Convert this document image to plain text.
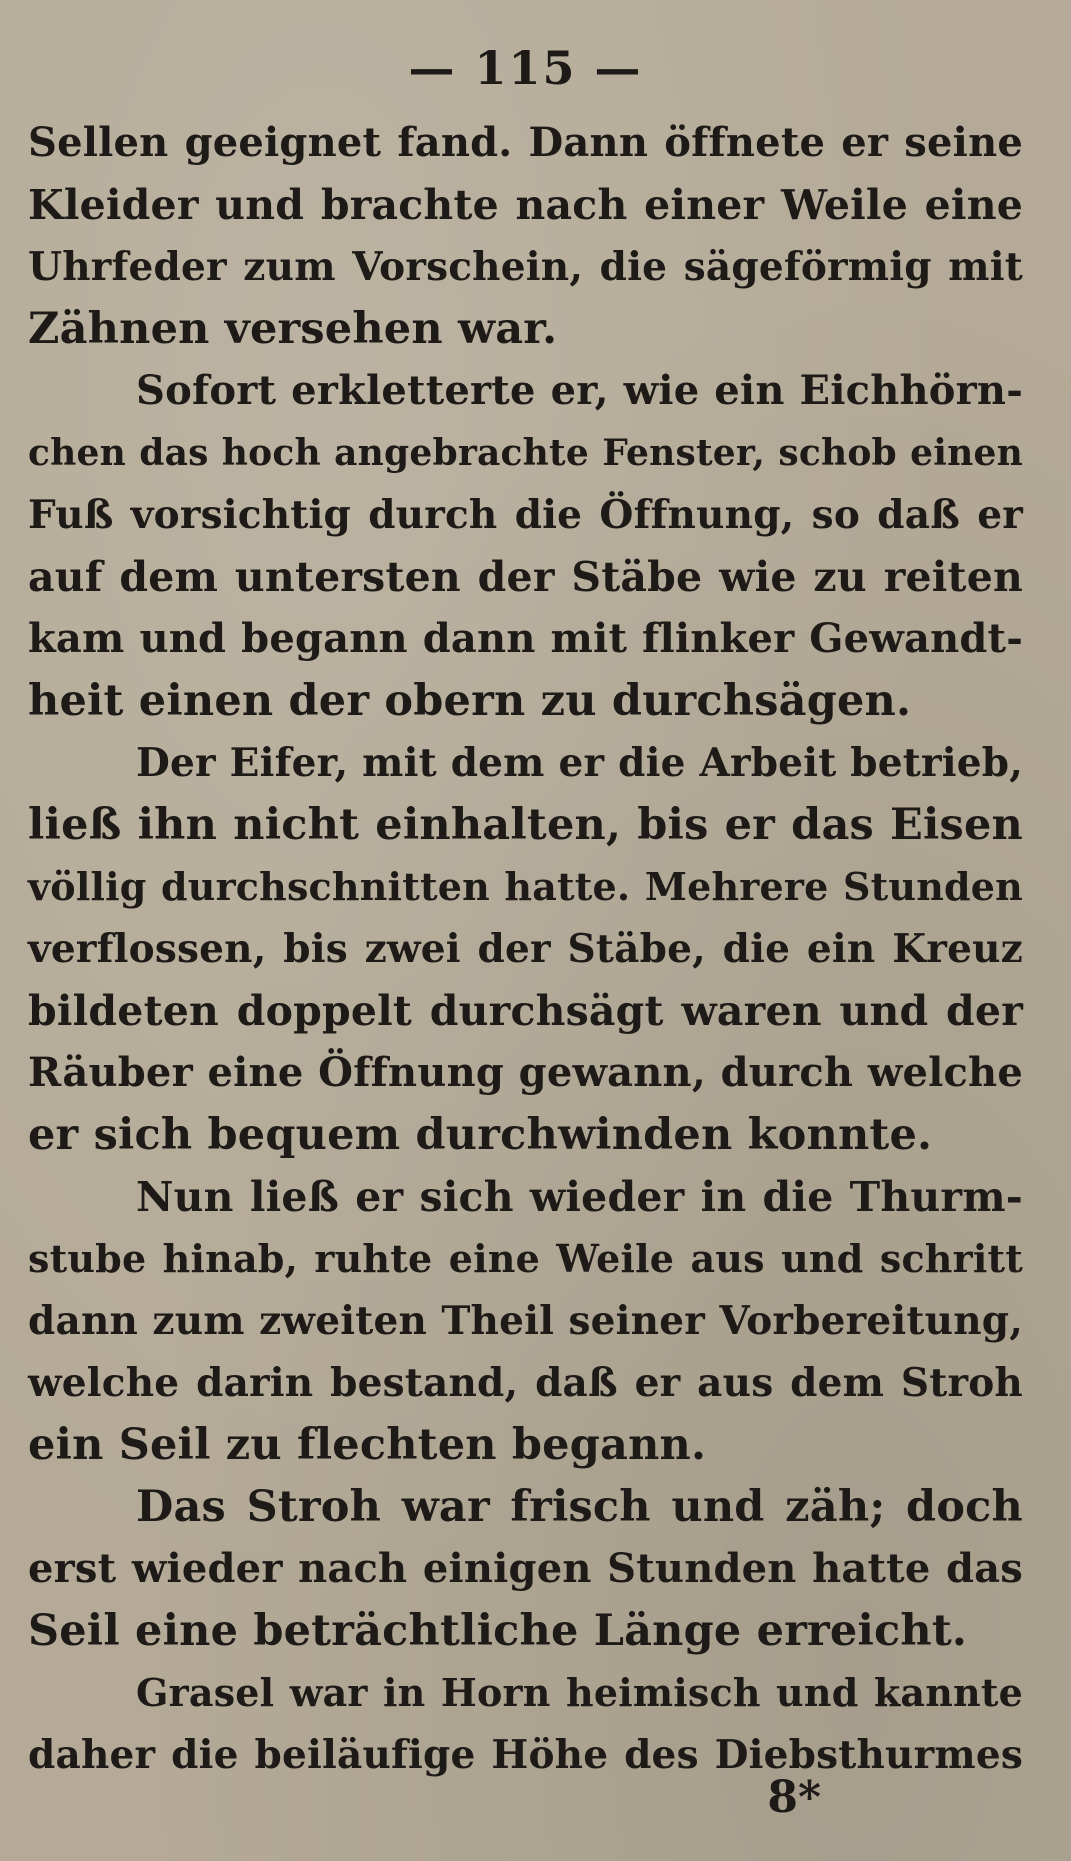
— 115 —
Sellen geeignet fand. Dann öffnete er seine
Kleider und brachte nach einer Weile eine
Uhrfeder zum Vorschein, die sägeförmig mit
Zähnen versehen war.
Sofort erkletterte er, wie ein Eichhörn-
chen das hoch angebrachte Fenster, schob einen
Fuß vorsichtig durch die Öffnung, so daß er
auf dem untersten der Stäbe wie zu reiten
kam und begann dann mit flinker Gewandt-
heit einen der obern zu durchsägen.
Der Eifer, mit dem er die Arbeit betrieb,
ließ ihn nicht einhalten, bis er das Eisen
völlig durchschnitten hatte. Mehrere Stunden
verflossen, bis zwei der Stäbe, die ein Kreuz
bildeten doppelt durchsägt waren und der
Räuber eine Öffnung gewann, durch welche
er sich bequem durchwinden konnte.
Nun ließ er sich wieder in die Thurm-
stube hinab, ruhte eine Weile aus und schritt
dann zum zweiten Theil seiner Vorbereitung,
welche darin bestand, daß er aus dem Stroh
ein Seil zu flechten begann.
Das Stroh war frisch und zäh; doch
erst wieder nach einigen Stunden hatte das
Seil eine beträchtliche Länge erreicht.
Grasel war in Horn heimisch und kannte
daher die beiläufige Höhe des Diebsthurmes
8*
